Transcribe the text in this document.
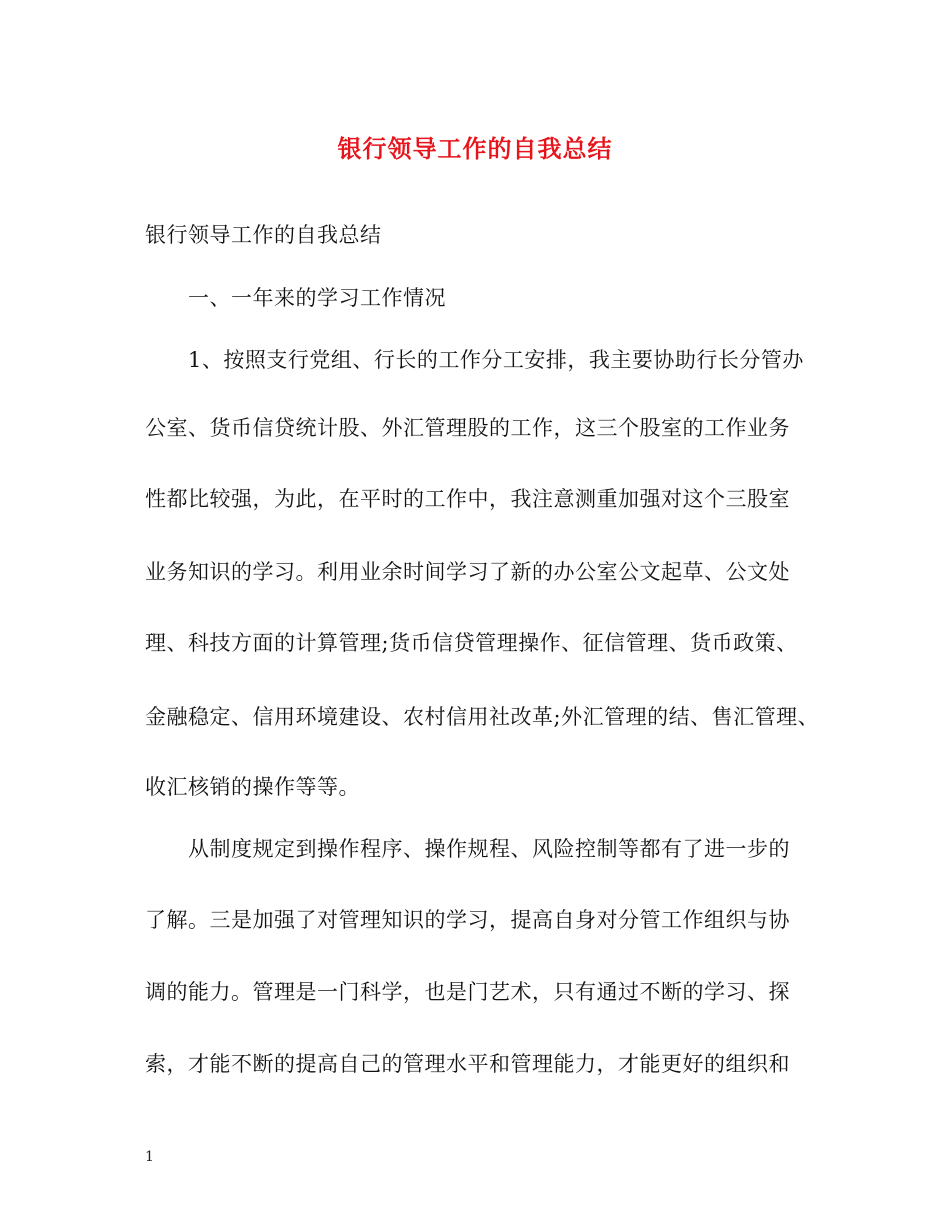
银行领导工作的自我总结
银行领导工作的自我总结
一、一年来的学习工作情况
1、按照支行党组、行长的工作分工安排，我主要协助行长分管办
公室、货币信贷统计股、外汇管理股的工作，这三个股室的工作业务
性都比较强，为此，在平时的工作中，我注意测重加强对这个三股室
业务知识的学习。利用业余时间学习了新的办公室公文起草、公文处
理、科技方面的计算管理;货币信贷管理操作、征信管理、货币政策、
金融稳定、信用环境建设、农村信用社改革;外汇管理的结、售汇管理、
收汇核销的操作等等。
从制度规定到操作程序、操作规程、风险控制等都有了进一步的
了解。三是加强了对管理知识的学习，提高自身对分管工作组织与协
调的能力。管理是一门科学，也是门艺术，只有通过不断的学习、探
索，才能不断的提高自己的管理水平和管理能力，才能更好的组织和
1
